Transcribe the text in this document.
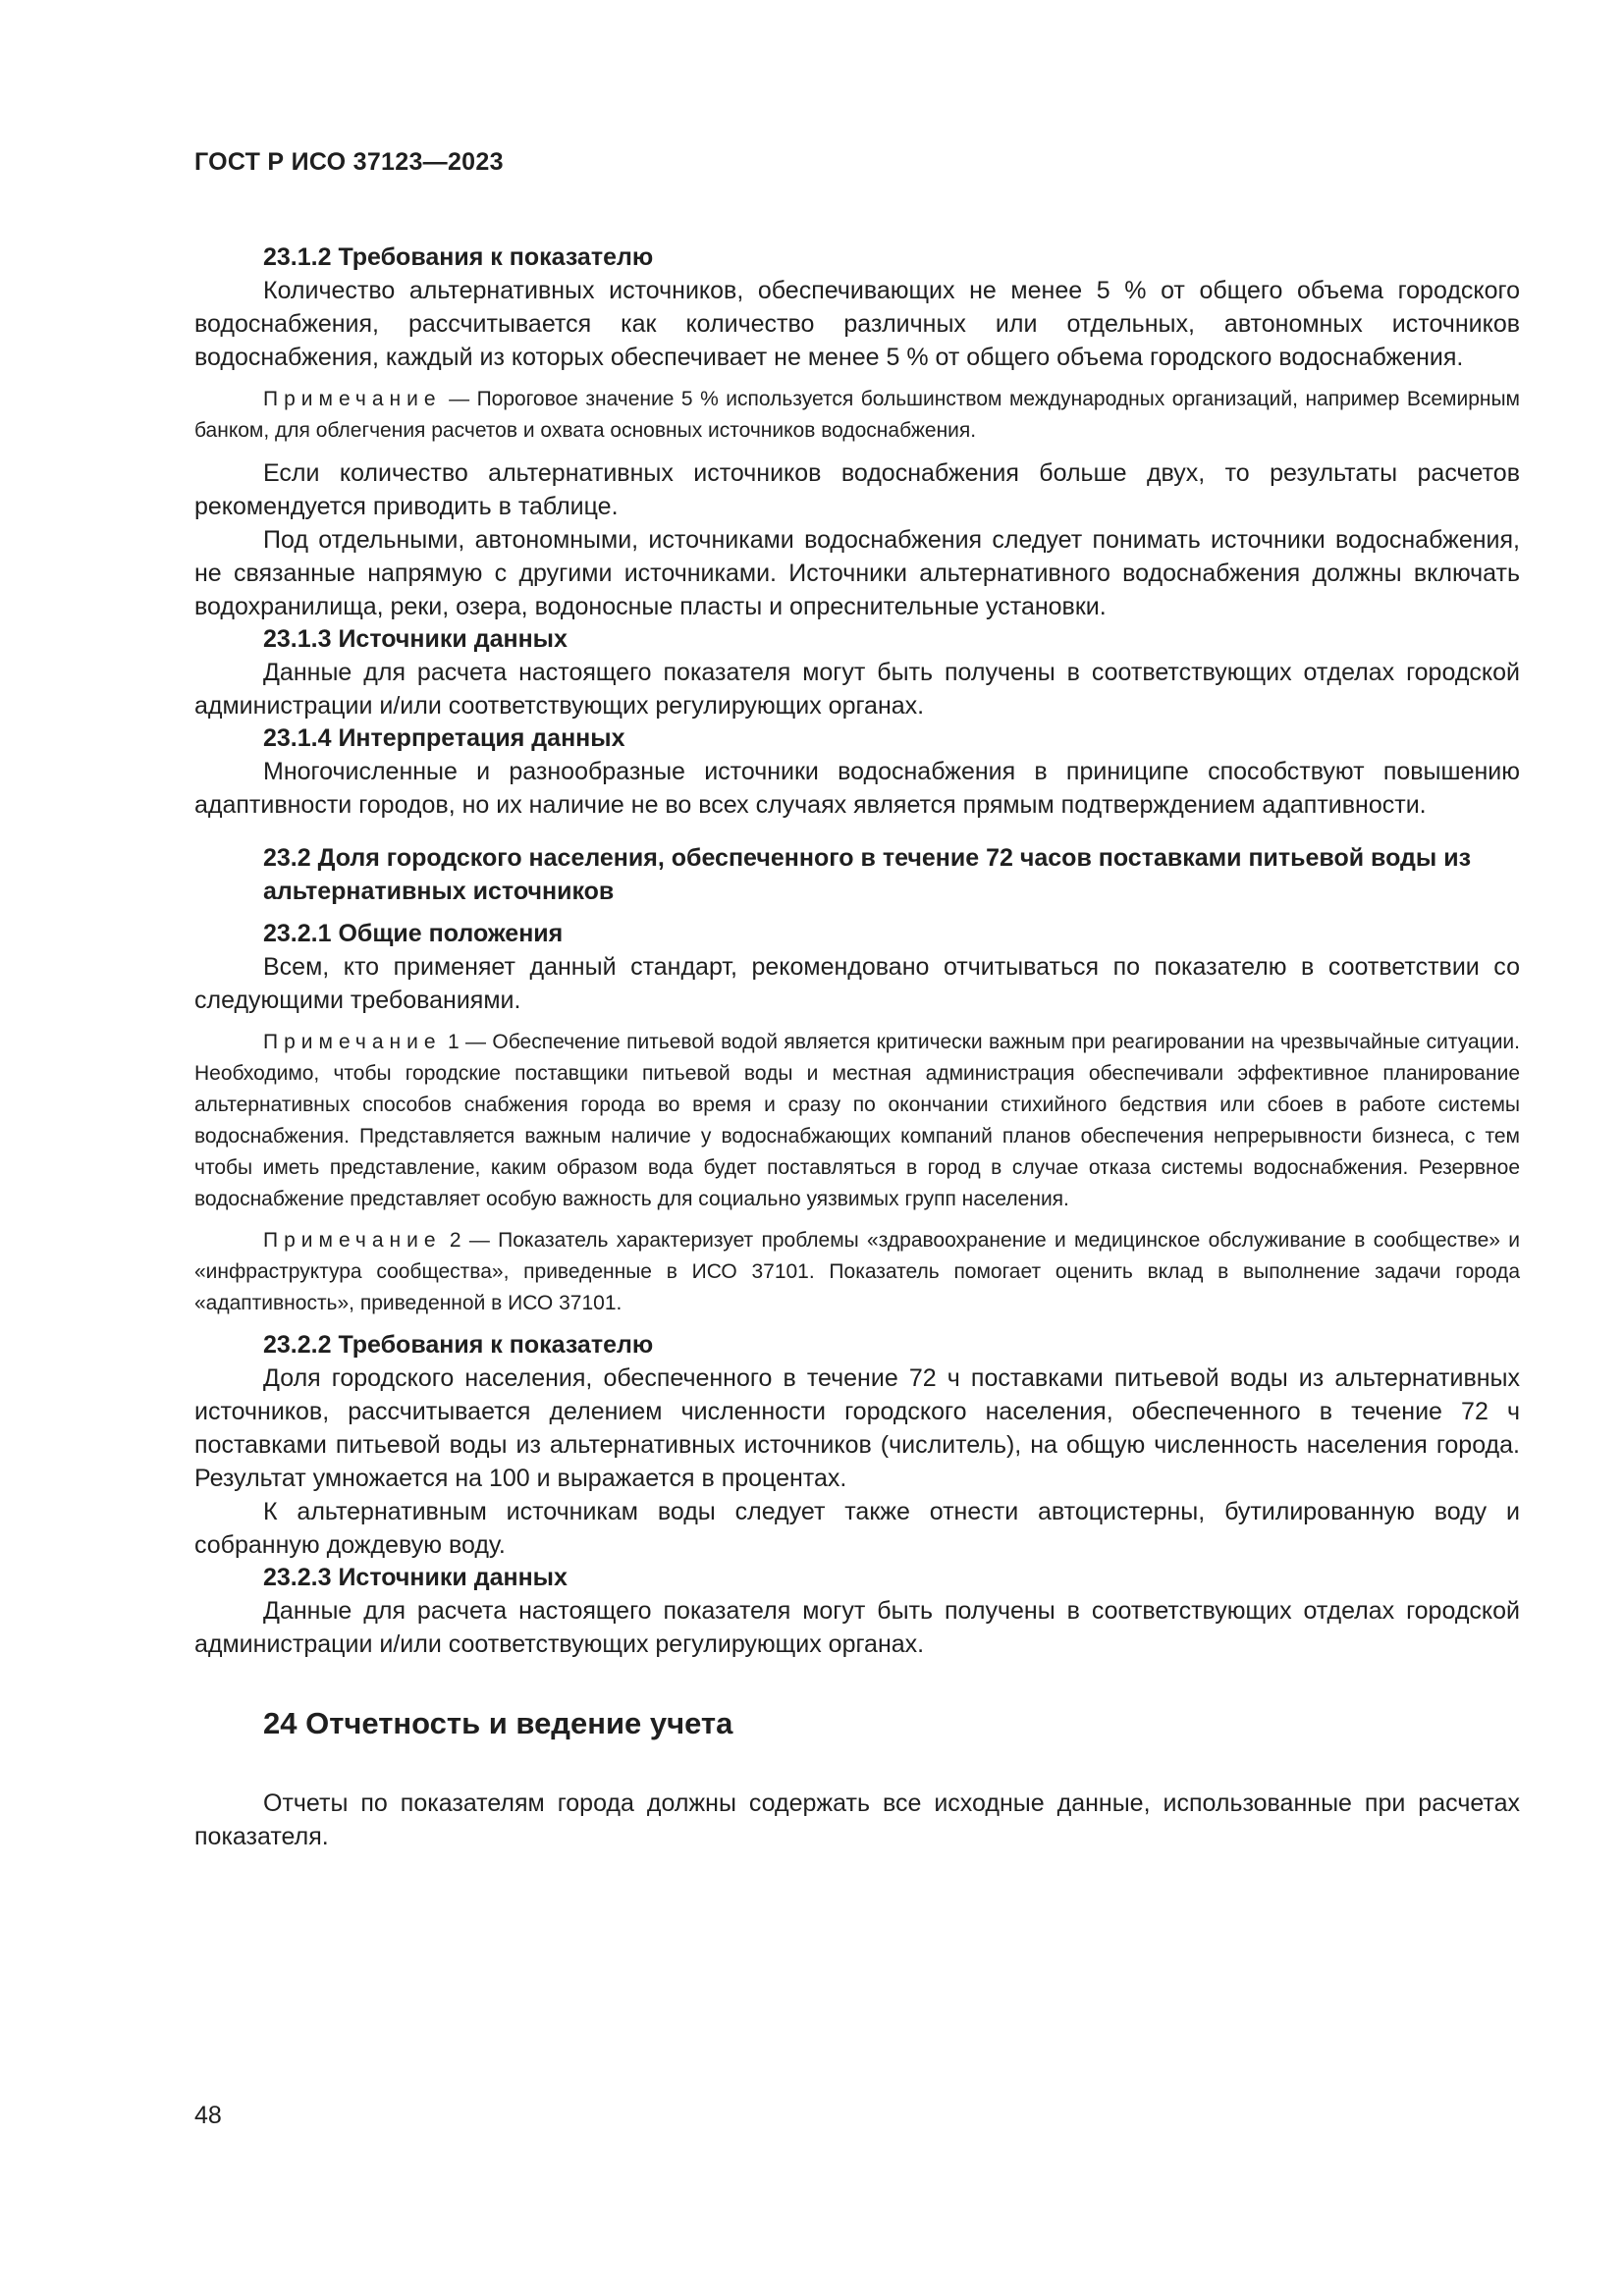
ГОСТ Р ИСО 37123—2023
23.1.2 Требования к показателю

Количество альтернативных источников, обеспечивающих не менее 5 % от общего объема городского водоснабжения, рассчитывается как количество различных или отдельных, автономных источников водоснабжения, каждый из которых обеспечивает не менее 5 % от общего объема городского водоснабжения.

Примечание — Пороговое значение 5 % используется большинством международных организаций, например Всемирным банком, для облегчения расчетов и охвата основных источников водоснабжения.

Если количество альтернативных источников водоснабжения больше двух, то результаты расчетов рекомендуется приводить в таблице.

Под отдельными, автономными, источниками водоснабжения следует понимать источники водоснабжения, не связанные напрямую с другими источниками. Источники альтернативного водоснабжения должны включать водохранилища, реки, озера, водоносные пласты и опреснительные установки.

23.1.3 Источники данных

Данные для расчета настоящего показателя могут быть получены в соответствующих отделах городской администрации и/или соответствующих регулирующих органах.

23.1.4 Интерпретация данных

Многочисленные и разнообразные источники водоснабжения в приниципе способствуют повышению адаптивности городов, но их наличие не во всех случаях является прямым подтверждением адаптивности.

23.2 Доля городского населения, обеспеченного в течение 72 часов поставками питьевой воды из альтернативных источников
23.2.1 Общие положения

Всем, кто применяет данный стандарт, рекомендовано отчитываться по показателю в соответствии со следующими требованиями.

Примечание 1 — Обеспечение питьевой водой является критически важным при реагировании на чрезвычайные ситуации. Необходимо, чтобы городские поставщики питьевой воды и местная администрация обеспечивали эффективное планирование альтернативных способов снабжения города во время и сразу по окончании стихийного бедствия или сбоев в работе системы водоснабжения. Представляется важным наличие у водоснабжающих компаний планов обеспечения непрерывности бизнеса, с тем чтобы иметь представление, каким образом вода будет поставляться в город в случае отказа системы водоснабжения. Резервное водоснабжение представляет особую важность для социально уязвимых групп населения.

Примечание 2 — Показатель характеризует проблемы «здравоохранение и медицинское обслуживание в сообществе» и «инфраструктура сообщества», приведенные в ИСО 37101. Показатель помогает оценить вклад в выполнение задачи города «адаптивность», приведенной в ИСО 37101.

23.2.2 Требования к показателю

Доля городского населения, обеспеченного в течение 72 ч поставками питьевой воды из альтернативных источников, рассчитывается делением численности городского населения, обеспеченного в течение 72 ч поставками питьевой воды из альтернативных источников (числитель), на общую численность населения города. Результат умножается на 100 и выражается в процентах.

К альтернативным источникам воды следует также отнести автоцистерны, бутилированную воду и собранную дождевую воду.

23.2.3 Источники данных

Данные для расчета настоящего показателя могут быть получены в соответствующих отделах городской администрации и/или соответствующих регулирующих органах.

24 Отчетность и ведение учета

Отчеты по показателям города должны содержать все исходные данные, использованные при расчетах показателя.

48
